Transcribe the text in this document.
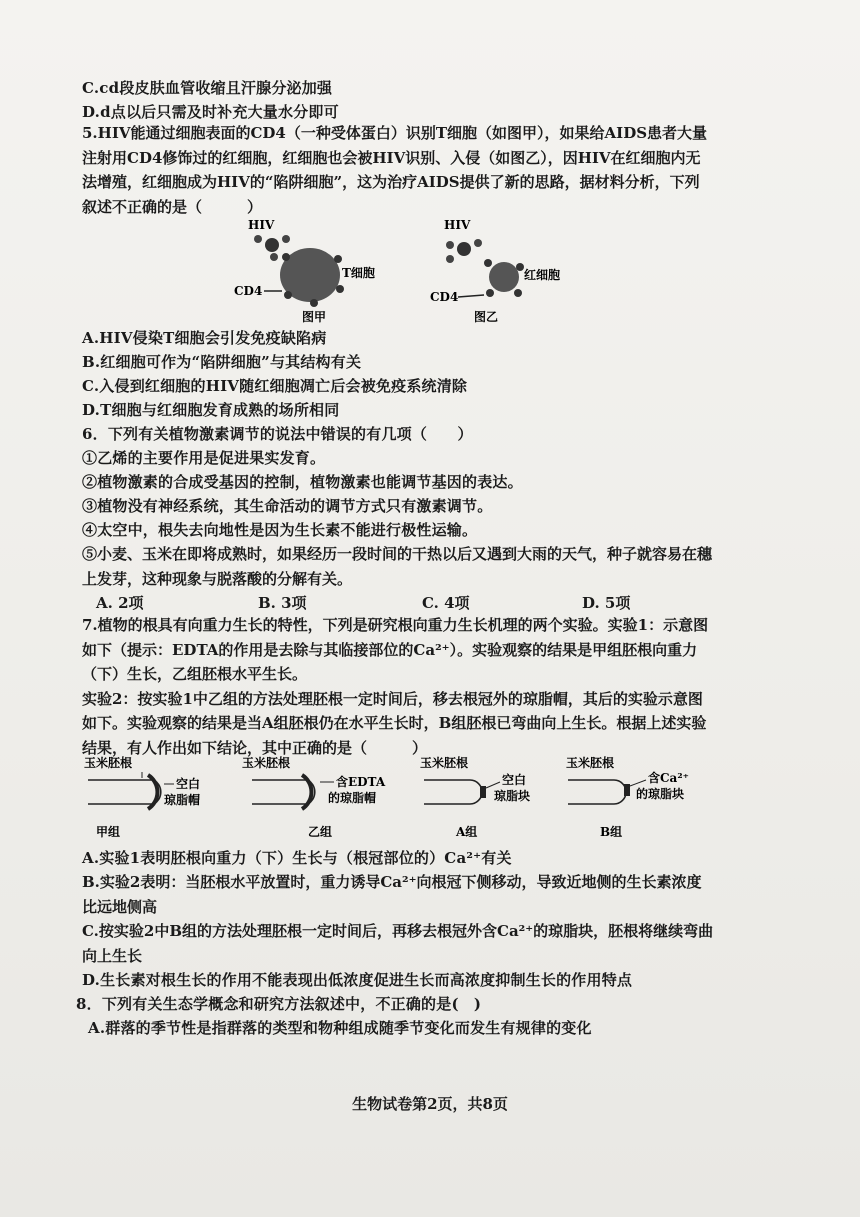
C.cd段皮肤血管收缩且汗腺分泌加强
D.d点以后只需及时补充大量水分即可
5.HIV能通过细胞表面的CD4（一种受体蛋白）识别T细胞（如图甲），如果给AIDS患者大量注射用CD4修饰过的红细胞，红细胞也会被HIV识别、入侵（如图乙），因HIV在红细胞内无法增殖，红细胞成为HIV的“陷阱细胞”，这为治疗AIDS提供了新的思路，据材料分析，下列叙述不正确的是（　　　）
HIV
T细胞
CD4
图甲
HIV
红细胞
CD4
图乙
A.HIV侵染T细胞会引发免疫缺陷病
B.红细胞可作为“陷阱细胞”与其结构有关
C.入侵到红细胞的HIV随红细胞凋亡后会被免疫系统清除
D.T细胞与红细胞发育成熟的场所相同
6．下列有关植物激素调节的说法中错误的有几项（　　）
①乙烯的主要作用是促进果实发育。
②植物激素的合成受基因的控制，植物激素也能调节基因的表达。
③植物没有神经系统，其生命活动的调节方式只有激素调节。
④太空中，根失去向地性是因为生长素不能进行极性运输。
⑤小麦、玉米在即将成熟时，如果经历一段时间的干热以后又遇到大雨的天气，种子就容易在穗上发芽，这种现象与脱落酸的分解有关。
A. 2项	B. 3项	C. 4项	D. 5项
7.植物的根具有向重力生长的特性，下列是研究根向重力生长机理的两个实验。实验1：示意图如下（提示：EDTA的作用是去除与其临接部位的Ca²⁺）。实验观察的结果是甲组胚根向重力（下）生长，乙组胚根水平生长。
实验2：按实验1中乙组的方法处理胚根一定时间后，移去根冠外的琼脂帽，其后的实验示意图如下。实验观察的结果是当A组胚根仍在水平生长时，B组胚根已弯曲向上生长。根据上述实验结果，有人作出如下结论，其中正确的是（　　　）
玉米胚根
空白
琼脂帽
甲组
玉米胚根
含EDTA
的琼脂帽
乙组
玉米胚根
空白
琼脂块
A组
玉米胚根
含Ca²⁺
的琼脂块
B组
A.实验1表明胚根向重力（下）生长与（根冠部位的）Ca²⁺有关
B.实验2表明：当胚根水平放置时，重力诱导Ca²⁺向根冠下侧移动，导致近地侧的生长素浓度比远地侧高
C.按实验2中B组的方法处理胚根一定时间后，再移去根冠外含Ca²⁺的琼脂块，胚根将继续弯曲向上生长
D.生长素对根生长的作用不能表现出低浓度促进生长而高浓度抑制生长的作用特点
8．下列有关生态学概念和研究方法叙述中，不正确的是(　)
A.群落的季节性是指群落的类型和物种组成随季节变化而发生有规律的变化
生物试卷第2页，共8页
